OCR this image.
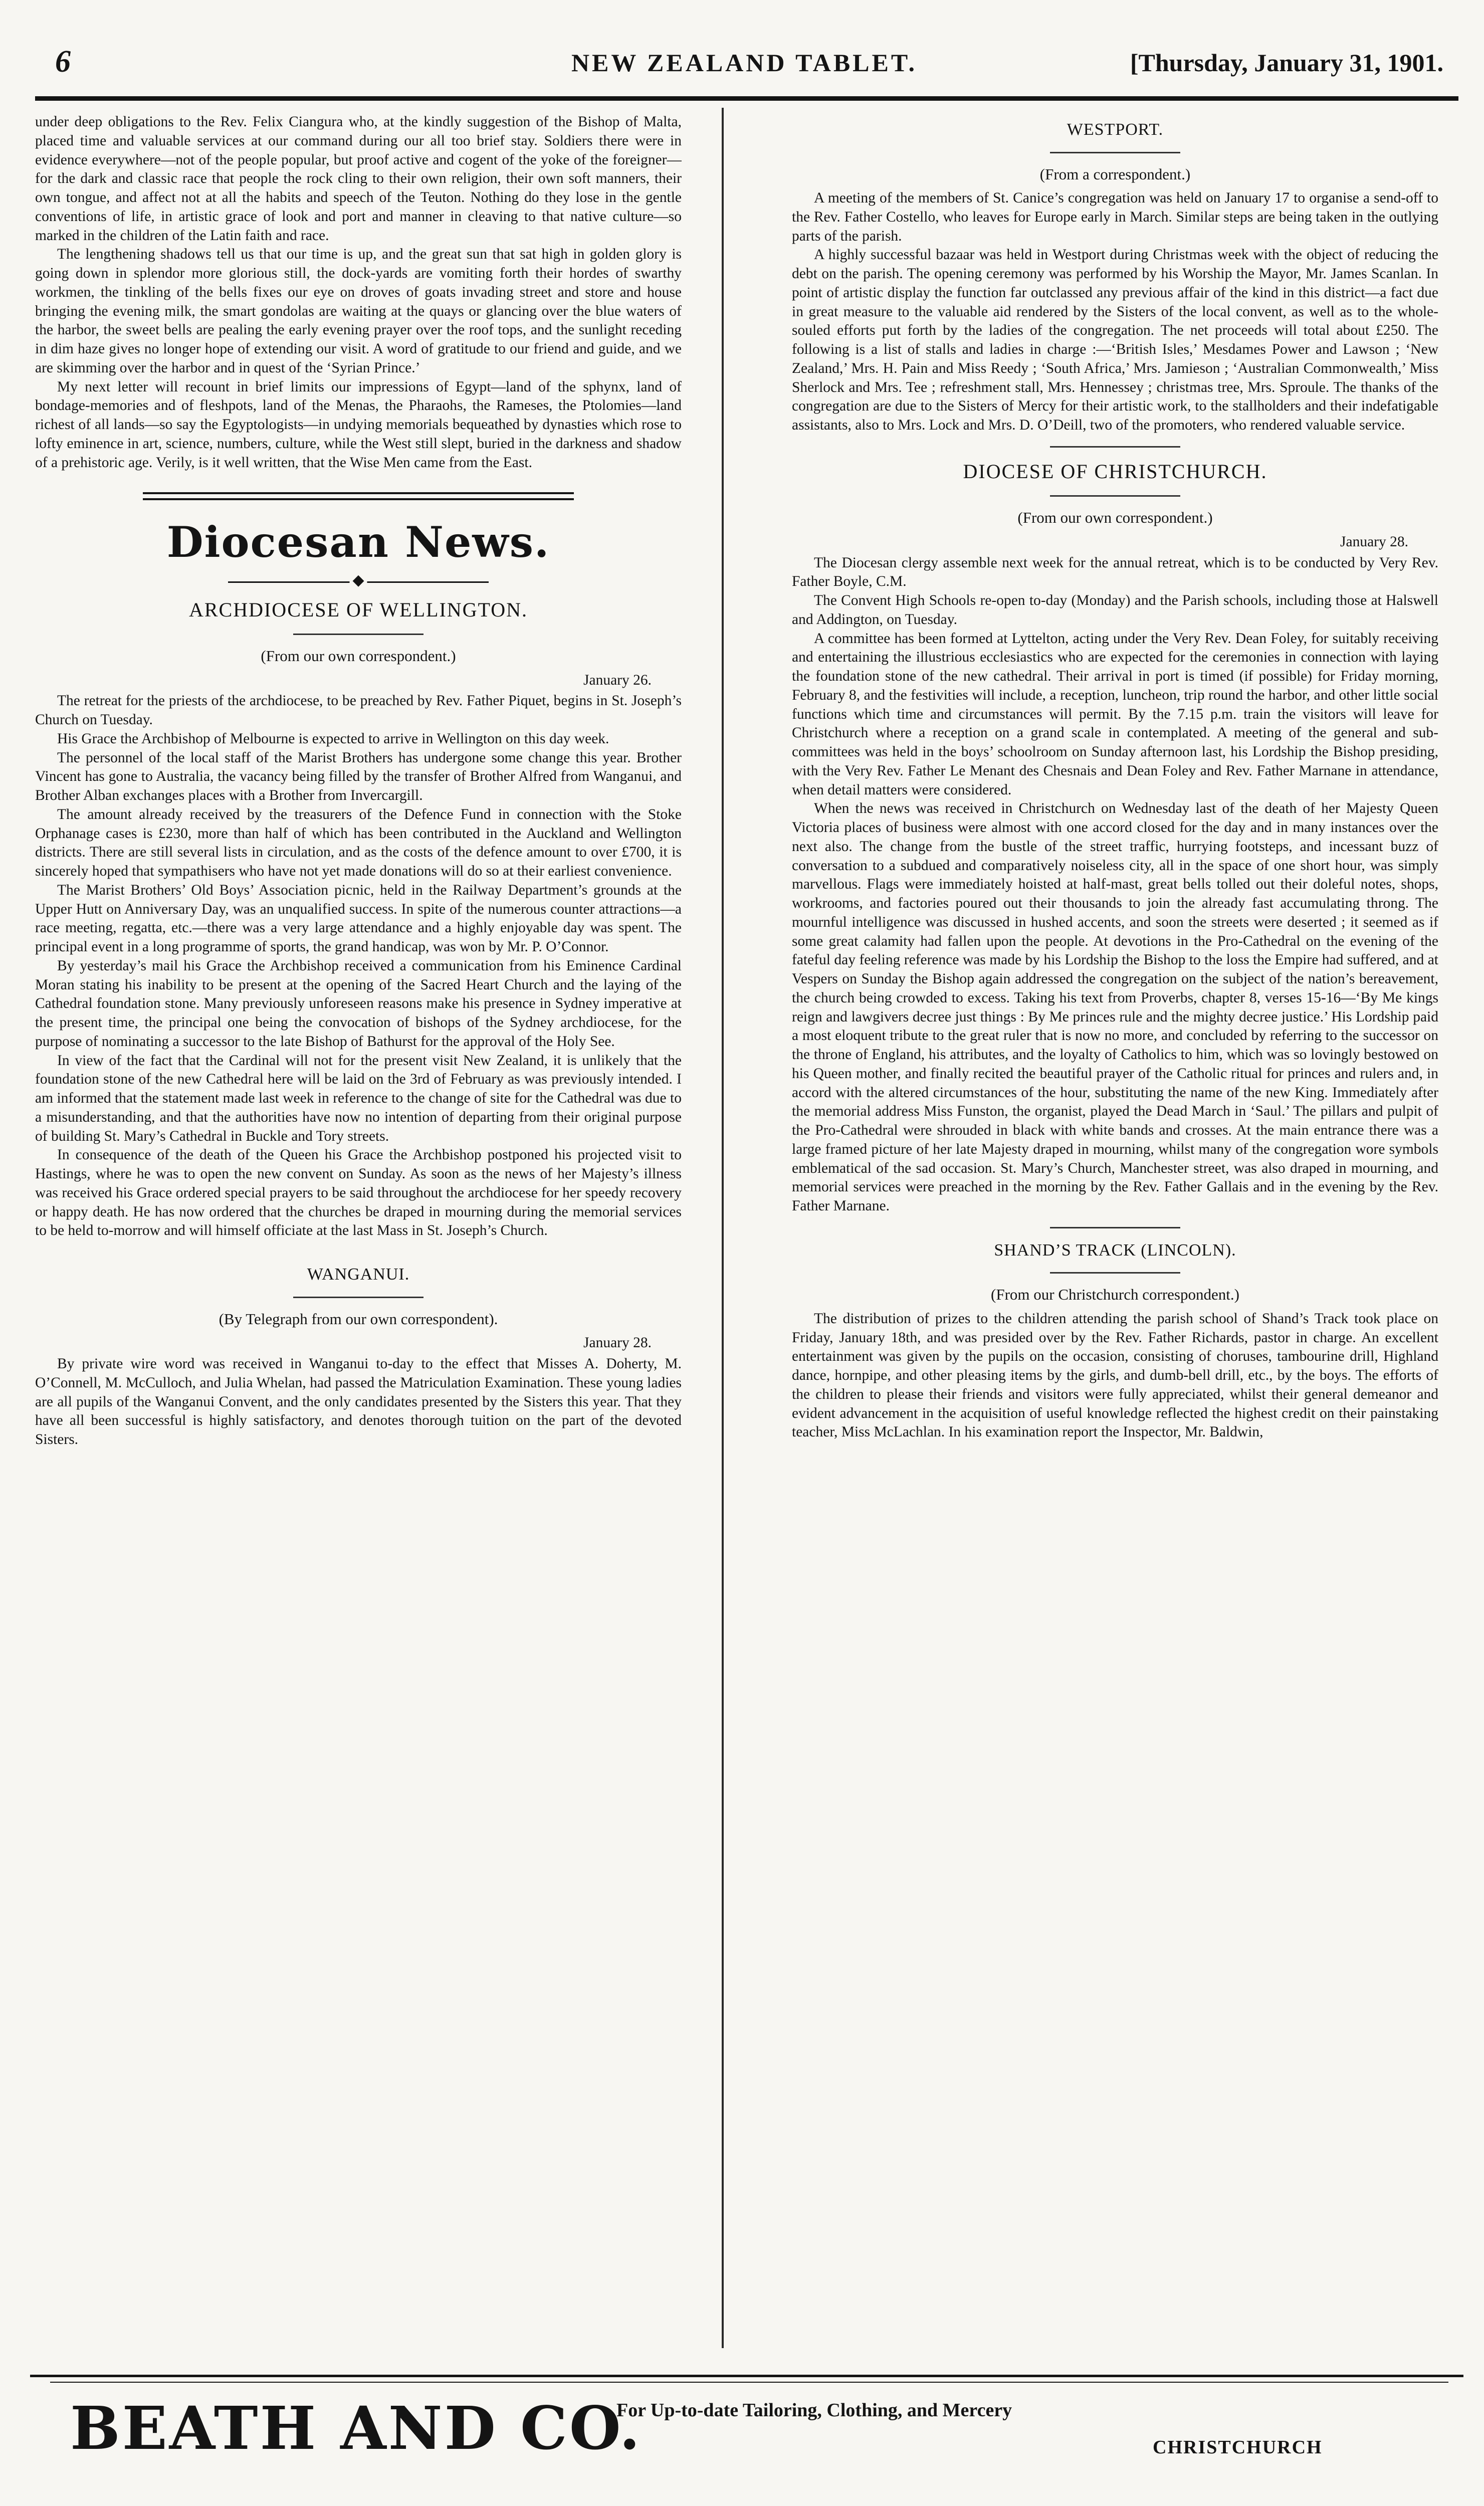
6	NEW ZEALAND TABLET.	[Thursday, January 31, 1901.

under deep obligations to the Rev. Felix Ciangura who, at the kindly suggestion of the Bishop of Malta, placed time and valuable services at our command during our all too brief stay. Soldiers there were in evidence everywhere—not of the people popular, but proof active and cogent of the yoke of the foreigner—for the dark and classic race that people the rock cling to their own religion, their own soft manners, their own tongue, and affect not at all the habits and speech of the Teuton. Nothing do they lose in the gentle conventions of life, in artistic grace of look and port and manner in cleaving to that native culture—so marked in the children of the Latin faith and race.

The lengthening shadows tell us that our time is up, and the great sun that sat high in golden glory is going down in splendor more glorious still, the dock-yards are vomiting forth their hordes of swarthy workmen, the tinkling of the bells fixes our eye on droves of goats invading street and store and house bringing the evening milk, the smart gondolas are waiting at the quays or glancing over the blue waters of the harbor, the sweet bells are pealing the early evening prayer over the roof tops, and the sunlight receding in dim haze gives no longer hope of extending our visit. A word of gratitude to our friend and guide, and we are skimming over the harbor and in quest of the ‘Syrian Prince.’

My next letter will recount in brief limits our impressions of Egypt—land of the sphynx, land of bondage-memories and of fleshpots, land of the Menas, the Pharaohs, the Rameses, the Ptolomies—land richest of all lands—so say the Egyptologists—in undying memorials bequeathed by dynasties which rose to lofty eminence in art, science, numbers, culture, while the West still slept, buried in the darkness and shadow of a prehistoric age. Verily, is it well written, that the Wise Men came from the East.

Diocesan News.
◆
ARCHDIOCESE OF WELLINGTON.
(From our own correspondent.)
January 26.

The retreat for the priests of the archdiocese, to be preached by Rev. Father Piquet, begins in St. Joseph’s Church on Tuesday.

His Grace the Archbishop of Melbourne is expected to arrive in Wellington on this day week.

The personnel of the local staff of the Marist Brothers has undergone some change this year. Brother Vincent has gone to Australia, the vacancy being filled by the transfer of Brother Alfred from Wanganui, and Brother Alban exchanges places with a Brother from Invercargill.

The amount already received by the treasurers of the Defence Fund in connection with the Stoke Orphanage cases is £230, more than half of which has been contributed in the Auckland and Wellington districts. There are still several lists in circulation, and as the costs of the defence amount to over £700, it is sincerely hoped that sympathisers who have not yet made donations will do so at their earliest convenience.

The Marist Brothers’ Old Boys’ Association picnic, held in the Railway Department’s grounds at the Upper Hutt on Anniversary Day, was an unqualified success. In spite of the numerous counter attractions—a race meeting, regatta, etc.—there was a very large attendance and a highly enjoyable day was spent. The principal event in a long programme of sports, the grand handicap, was won by Mr. P. O’Connor.

By yesterday’s mail his Grace the Archbishop received a communication from his Eminence Cardinal Moran stating his inability to be present at the opening of the Sacred Heart Church and the laying of the Cathedral foundation stone. Many previously unforeseen reasons make his presence in Sydney imperative at the present time, the principal one being the convocation of bishops of the Sydney archdiocese, for the purpose of nominating a successor to the late Bishop of Bathurst for the approval of the Holy See.

In view of the fact that the Cardinal will not for the present visit New Zealand, it is unlikely that the foundation stone of the new Cathedral here will be laid on the 3rd of February as was previously intended. I am informed that the statement made last week in reference to the change of site for the Cathedral was due to a misunderstanding, and that the authorities have now no intention of departing from their original purpose of building St. Mary’s Cathedral in Buckle and Tory streets.

In consequence of the death of the Queen his Grace the Archbishop postponed his projected visit to Hastings, where he was to open the new convent on Sunday. As soon as the news of her Majesty’s illness was received his Grace ordered special prayers to be said throughout the archdiocese for her speedy recovery or happy death. He has now ordered that the churches be draped in mourning during the memorial services to be held to-morrow and will himself officiate at the last Mass in St. Joseph’s Church.

WANGANUI.
(By Telegraph from our own correspondent).
January 28.

By private wire word was received in Wanganui to-day to the effect that Misses A. Doherty, M. O’Connell, M. McCulloch, and Julia Whelan, had passed the Matriculation Examination. These young ladies are all pupils of the Wanganui Convent, and the only candidates presented by the Sisters this year. That they have all been successful is highly satisfactory, and denotes thorough tuition on the part of the devoted Sisters.

WESTPORT.
(From a correspondent.)

A meeting of the members of St. Canice’s congregation was held on January 17 to organise a send-off to the Rev. Father Costello, who leaves for Europe early in March. Similar steps are being taken in the outlying parts of the parish.

A highly successful bazaar was held in Westport during Christmas week with the object of reducing the debt on the parish. The opening ceremony was performed by his Worship the Mayor, Mr. James Scanlan. In point of artistic display the function far outclassed any previous affair of the kind in this district—a fact due in great measure to the valuable aid rendered by the Sisters of the local convent, as well as to the whole-souled efforts put forth by the ladies of the congregation. The net proceeds will total about £250. The following is a list of stalls and ladies in charge :—‘British Isles,’ Mesdames Power and Lawson ; ‘New Zealand,’ Mrs. H. Pain and Miss Reedy ; ‘South Africa,’ Mrs. Jamieson ; ‘Australian Commonwealth,’ Miss Sherlock and Mrs. Tee ; refreshment stall, Mrs. Hennessey ; christmas tree, Mrs. Sproule. The thanks of the congregation are due to the Sisters of Mercy for their artistic work, to the stallholders and their indefatigable assistants, also to Mrs. Lock and Mrs. D. O’Deill, two of the promoters, who rendered valuable service.

DIOCESE OF CHRISTCHURCH.
(From our own correspondent.)
January 28.

The Diocesan clergy assemble next week for the annual retreat, which is to be conducted by Very Rev. Father Boyle, C.M.

The Convent High Schools re-open to-day (Monday) and the Parish schools, including those at Halswell and Addington, on Tuesday.

A committee has been formed at Lyttelton, acting under the Very Rev. Dean Foley, for suitably receiving and entertaining the illustrious ecclesiastics who are expected for the ceremonies in connection with laying the foundation stone of the new cathedral. Their arrival in port is timed (if possible) for Friday morning, February 8, and the festivities will include, a reception, luncheon, trip round the harbor, and other little social functions which time and circumstances will permit. By the 7.15 p.m. train the visitors will leave for Christchurch where a reception on a grand scale in contemplated. A meeting of the general and sub-committees was held in the boys’ schoolroom on Sunday afternoon last, his Lordship the Bishop presiding, with the Very Rev. Father Le Menant des Chesnais and Dean Foley and Rev. Father Marnane in attendance, when detail matters were considered.

When the news was received in Christchurch on Wednesday last of the death of her Majesty Queen Victoria places of business were almost with one accord closed for the day and in many instances over the next also. The change from the bustle of the street traffic, hurrying footsteps, and incessant buzz of conversation to a subdued and comparatively noiseless city, all in the space of one short hour, was simply marvellous. Flags were immediately hoisted at half-mast, great bells tolled out their doleful notes, shops, workrooms, and factories poured out their thousands to join the already fast accumulating throng. The mournful intelligence was discussed in hushed accents, and soon the streets were deserted ; it seemed as if some great calamity had fallen upon the people. At devotions in the Pro-Cathedral on the evening of the fateful day feeling reference was made by his Lordship the Bishop to the loss the Empire had suffered, and at Vespers on Sunday the Bishop again addressed the congregation on the subject of the nation’s bereavement, the church being crowded to excess. Taking his text from Proverbs, chapter 8, verses 15-16—‘By Me kings reign and lawgivers decree just things : By Me princes rule and the mighty decree justice.’ His Lordship paid a most eloquent tribute to the great ruler that is now no more, and concluded by referring to the successor on the throne of England, his attributes, and the loyalty of Catholics to him, which was so lovingly bestowed on his Queen mother, and finally recited the beautiful prayer of the Catholic ritual for princes and rulers and, in accord with the altered circumstances of the hour, substituting the name of the new King. Immediately after the memorial address Miss Funston, the organist, played the Dead March in ‘Saul.’ The pillars and pulpit of the Pro-Cathedral were shrouded in black with white bands and crosses. At the main entrance there was a large framed picture of her late Majesty draped in mourning, whilst many of the congregation wore symbols emblematical of the sad occasion. St. Mary’s Church, Manchester street, was also draped in mourning, and memorial services were preached in the morning by the Rev. Father Gallais and in the evening by the Rev. Father Marnane.

SHAND’S TRACK (LINCOLN).
(From our Christchurch correspondent.)

The distribution of prizes to the children attending the parish school of Shand’s Track took place on Friday, January 18th, and was presided over by the Rev. Father Richards, pastor in charge. An excellent entertainment was given by the pupils on the occasion, consisting of choruses, tambourine drill, Highland dance, hornpipe, and other pleasing items by the girls, and dumb-bell drill, etc., by the boys. The efforts of the children to please their friends and visitors were fully appreciated, whilst their general demeanor and evident advancement in the acquisition of useful knowledge reflected the highest credit on their painstaking teacher, Miss McLachlan. In his examination report the Inspector, Mr. Baldwin,

BEATH AND CO.
For Up-to-date Tailoring, Clothing, and Mercery
CHRISTCHURCH
